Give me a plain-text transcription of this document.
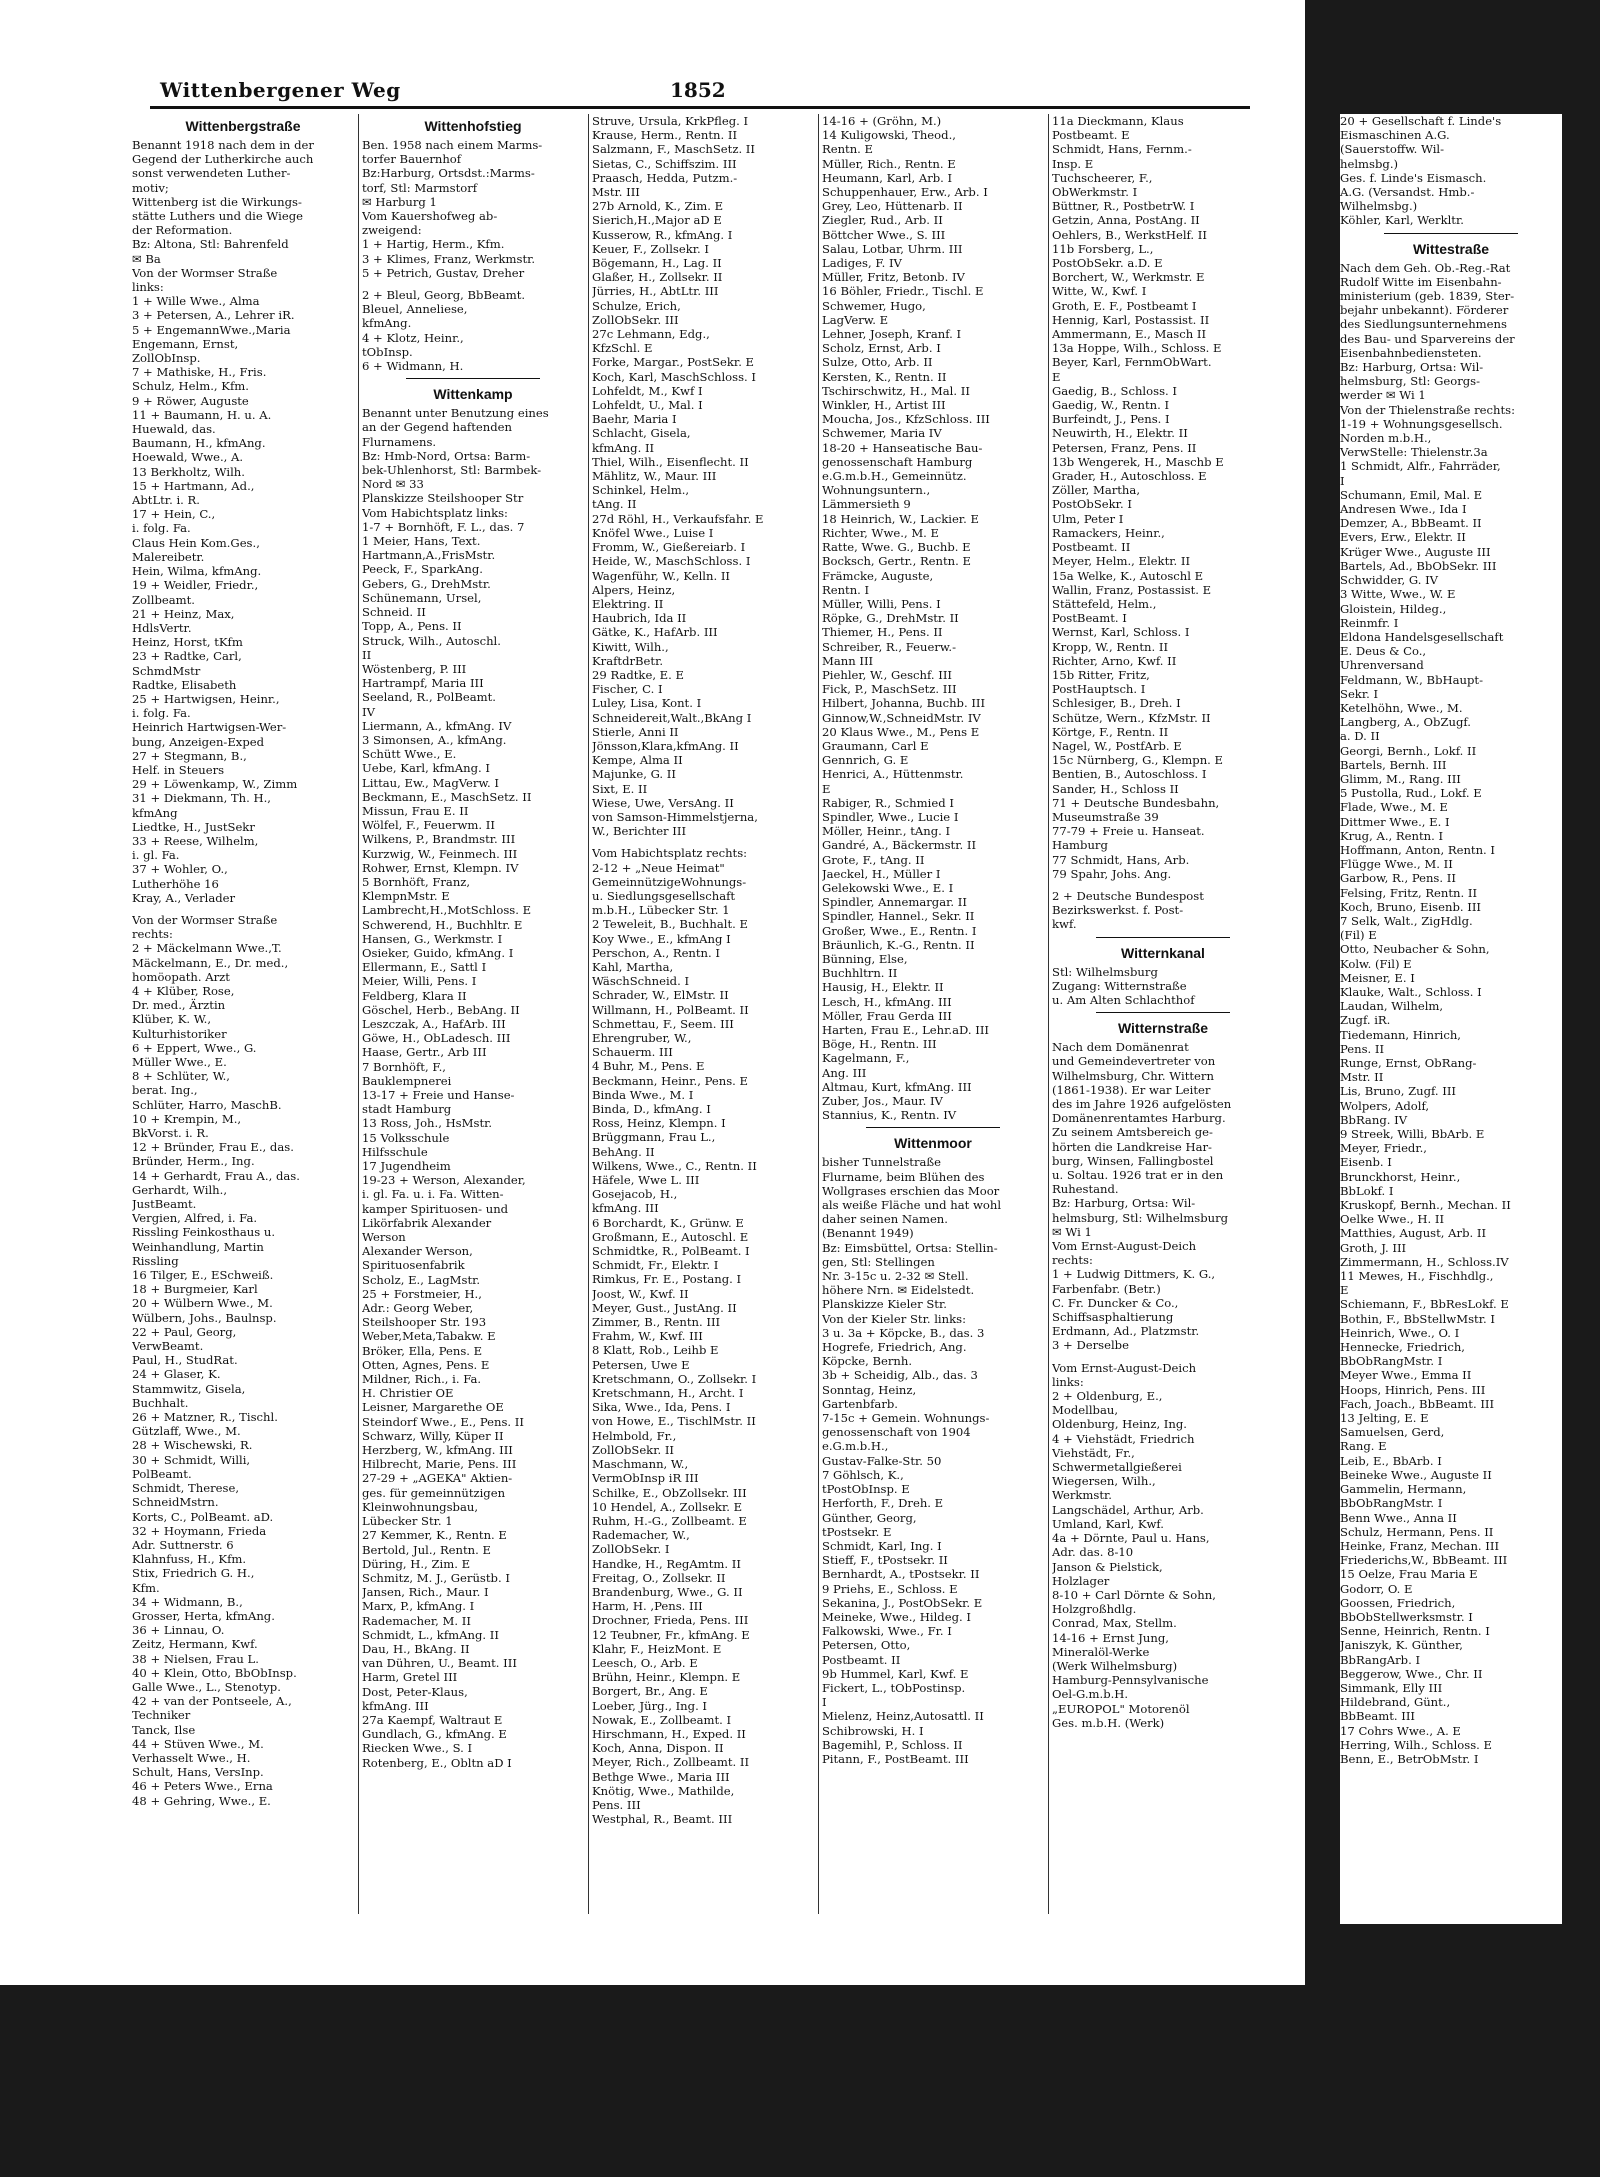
Wittenbergener Weg	1852
Wittenbergstraße
Benannt 1918 nach dem in der
Gegend der Lutherkirche auch
sonst verwendeten Luther-
motiv;
Wittenberg ist die Wirkungs-
stätte Luthers und die Wiege
der Reformation.
Bz: Altona, Stl: Bahrenfeld
✉ Ba
Von der Wormser Straße
links:
1 + Wille Wwe., Alma
3 + Petersen, A., Lehrer iR.
5 + EngemannWwe.,Maria
Engemann, Ernst,
ZollObInsp.
7 + Mathiske, H., Fris.
Schulz, Helm., Kfm.
9 + Röwer, Auguste
11 + Baumann, H. u. A.
Huewald, das.
Baumann, H., kfmAng.
Hoewald, Wwe., A.
13 Berkholtz, Wilh.
15 + Hartmann, Ad.,
AbtLtr. i. R.
17 + Hein, C.,
i. folg. Fa.
Claus Hein Kom.Ges.,
Malereibetr.
Hein, Wilma, kfmAng.
19 + Weidler, Friedr.,
Zollbeamt.
21 + Heinz, Max,
HdlsVertr.
Heinz, Horst, tKfm
23 + Radtke, Carl,
SchmdMstr
Radtke, Elisabeth
25 + Hartwigsen, Heinr.,
i. folg. Fa.
Heinrich Hartwigsen-Wer-
bung, Anzeigen-Exped
27 + Stegmann, B.,
Helf. in Steuers
29 + Löwenkamp, W., Zimm
31 + Diekmann, Th. H.,
kfmAng
Liedtke, H., JustSekr
33 + Reese, Wilhelm,
i. gl. Fa.
37 + Wohler, O.,
Lutherhöhe 16
Kray, A., Verlader
Von der Wormser Straße
rechts:
2 + Mäckelmann Wwe.,T.
Mäckelmann, E., Dr. med.,
homöopath. Arzt
4 + Klüber, Rose,
Dr. med., Ärztin
Klüber, K. W.,
Kulturhistoriker
6 + Eppert, Wwe., G.
Müller Wwe., E.
8 + Schlüter, W.,
berat. Ing.,
Schlüter, Harro, MaschB.
10 + Krempin, M.,
BkVorst. i. R.
12 + Bründer, Frau E., das.
Bründer, Herm., Ing.
14 + Gerhardt, Frau A., das.
Gerhardt, Wilh.,
JustBeamt.
Vergien, Alfred, i. Fa.
Rissling Feinkosthaus u.
Weinhandlung, Martin
Rissling
16 Tilger, E., ESchweiß.
18 + Burgmeier, Karl
20 + Wülbern Wwe., M.
Wülbern, Johs., Baulnsp.
22 + Paul, Georg,
VerwBeamt.
Paul, H., StudRat.
24 + Glaser, K.
Stammwitz, Gisela,
Buchhalt.
26 + Matzner, R., Tischl.
Gützlaff, Wwe., M.
28 + Wischewski, R.
30 + Schmidt, Willi,
PolBeamt.
Schmidt, Therese,
SchneidMstrn.
Korts, C., PolBeamt. aD.
32 + Hoymann, Frieda
Adr. Suttnerstr. 6
Klahnfuss, H., Kfm.
Stix, Friedrich G. H.,
Kfm.
34 + Widmann, B.,
Grosser, Herta, kfmAng.
36 + Linnau, O.
Zeitz, Hermann, Kwf.
38 + Nielsen, Frau L.
40 + Klein, Otto, BbObInsp.
Galle Wwe., L., Stenotyp.
42 + van der Pontseele, A.,
Techniker
Tanck, Ilse
44 + Stüven Wwe., M.
Verhasselt Wwe., H.
Schult, Hans, VersInp.
46 + Peters Wwe., Erna
48 + Gehring, Wwe., E.
Wittenhofstieg
Ben. 1958 nach einem Marms-
torfer Bauernhof
Bz:Harburg, Ortsdst.:Marms-
torf, Stl: Marmstorf
✉ Harburg 1
Vom Kauershofweg ab-
zweigend:
1 + Hartig, Herm., Kfm.
3 + Klimes, Franz, Werkmstr.
5 + Petrich, Gustav, Dreher
2 + Bleul, Georg, BbBeamt.
Bleuel, Anneliese,
kfmAng.
4 + Klotz, Heinr.,
tObInsp.
6 + Widmann, H.
Wittenkamp
Benannt unter Benutzung eines
an der Gegend haftenden
Flurnamens.
Bz: Hmb-Nord, Ortsa: Barm-
bek-Uhlenhorst, Stl: Barmbek-
Nord ✉ 33
Planskizze Steilshooper Str
Vom Habichtsplatz links:
1-7 + Bornhöft, F. L., das. 7
1 Meier, Hans, Text.
Hartmann,A.,FrisMstr.
Peeck, F., SparkAng.
Gebers, G., DrehMstr.
Schünemann, Ursel,
Schneid. II
Topp, A., Pens. II
Struck, Wilh., Autoschl.
II
Wöstenberg, P. III
Hartrampf, Maria III
Seeland, R., PolBeamt.
IV
Liermann, A., kfmAng. IV
3 Simonsen, A., kfmAng.
Schütt Wwe., E.
Uebe, Karl, kfmAng. I
Littau, Ew., MagVerw. I
Beckmann, E., MaschSetz. II
Missun, Frau E. II
Wölfel, F., Feuerwm. II
Wilkens, P., Brandmstr. III
Kurzwig, W., Feinmech. III
Rohwer, Ernst, Klempn. IV
5 Bornhöft, Franz,
KlempnMstr. E
Lambrecht,H.,MotSchloss. E
Schwerend, H., Buchhltr. E
Hansen, G., Werkmstr. I
Osieker, Guido, kfmAng. I
Ellermann, E., Sattl I
Meier, Willi, Pens. I
Feldberg, Klara II
Göschel, Herb., BebAng. II
Leszczak, A., HafArb. III
Göwe, H., ObLadesch. III
Haase, Gertr., Arb III
7 Bornhöft, F.,
Bauklempnerei
13-17 + Freie und Hanse-
stadt Hamburg
13 Ross, Joh., HsMstr.
15 Volksschule
Hilfsschule
17 Jugendheim
19-23 + Werson, Alexander,
i. gl. Fa. u. i. Fa. Witten-
kamper Spirituosen- und
Likörfabrik Alexander
Werson
Alexander Werson,
Spirituosenfabrik
Scholz, E., LagMstr.
25 + Forstmeier, H.,
Adr.: Georg Weber,
Steilshooper Str. 193
Weber,Meta,Tabakw. E
Bröker, Ella, Pens. E
Otten, Agnes, Pens. E
Mildner, Rich., i. Fa.
H. Christier OE
Leisner, Margarethe OE
Steindorf Wwe., E., Pens. II
Schwarz, Willy, Küper II
Herzberg, W., kfmAng. III
Hilbrecht, Marie, Pens. III
27-29 + „AGEKA" Aktien-
ges. für gemeinnützigen
Kleinwohnungsbau,
Lübecker Str. 1
27 Kemmer, K., Rentn. E
Bertold, Jul., Rentn. E
Düring, H., Zim. E
Schmitz, M. J., Gerüstb. I
Jansen, Rich., Maur. I
Marx, P., kfmAng. I
Rademacher, M. II
Schmidt, L., kfmAng. II
Dau, H., BkAng. II
van Dühren, U., Beamt. III
Harm, Gretel III
Dost, Peter-Klaus,
kfmAng. III
27a Kaempf, Waltraut E
Gundlach, G., kfmAng. E
Riecken Wwe., S. I
Rotenberg, E., Obltn aD I
Struve, Ursula, KrkPfleg. I
Krause, Herm., Rentn. II
Salzmann, F., MaschSetz. II
Sietas, C., Schiffszim. III
Praasch, Hedda, Putzm.-
Mstr. III
27b Arnold, K., Zim. E
Sierich,H.,Major aD E
Kusserow, R., kfmAng. I
Keuer, F., Zollsekr. I
Bögemann, H., Lag. II
Glaßer, H., Zollsekr. II
Jürries, H., AbtLtr. III
Schulze, Erich,
ZollObSekr. III
27c Lehmann, Edg.,
KfzSchl. E
Forke, Margar., PostSekr. E
Koch, Karl, MaschSchloss. I
Lohfeldt, M., Kwf I
Lohfeldt, U., Mal. I
Baehr, Maria I
Schlacht, Gisela,
kfmAng. II
Thiel, Wilh., Eisenflecht. II
Mählitz, W., Maur. III
Schinkel, Helm.,
tAng. II
27d Röhl, H., Verkaufsfahr. E
Knöfel Wwe., Luise I
Fromm, W., Gießereiarb. I
Heide, W., MaschSchloss. I
Wagenführ, W., Kelln. II
Alpers, Heinz,
Elektring. II
Haubrich, Ida II
Gätke, K., HafArb. III
Kiwitt, Wilh.,
KraftdrBetr.
29 Radtke, E. E
Fischer, C. I
Luley, Lisa, Kont. I
Schneidereit,Walt.,BkAng I
Stierle, Anni II
Jönsson,Klara,kfmAng. II
Kempe, Alma II
Majunke, G. II
Sixt, E. II
Wiese, Uwe, VersAng. II
von Samson-Himmelstjerna,
W., Berichter III
Vom Habichtsplatz rechts:
2-12 + „Neue Heimat"
GemeinnützigeWohnungs-
u. Siedlungsgesellschaft
m.b.H., Lübecker Str. 1
2 Teweleit, B., Buchhalt. E
Koy Wwe., E., kfmAng I
Perschon, A., Rentn. I
Kahl, Martha,
WäschSchneid. I
Schrader, W., ElMstr. II
Willmann, H., PolBeamt. II
Schmettau, F., Seem. III
Ehrengruber, W.,
Schauerm. III
4 Buhr, M., Pens. E
Beckmann, Heinr., Pens. E
Binda Wwe., M. I
Binda, D., kfmAng. I
Ross, Heinz, Klempn. I
Brüggmann, Frau L.,
BehAng. II
Wilkens, Wwe., C., Rentn. II
Häfele, Wwe L. III
Gosejacob, H.,
kfmAng. III
6 Borchardt, K., Grünw. E
Großmann, E., Autoschl. E
Schmidtke, R., PolBeamt. I
Schmidt, Fr., Elektr. I
Rimkus, Fr. E., Postang. I
Joost, W., Kwf. II
Meyer, Gust., JustAng. II
Zimmer, B., Rentn. III
Frahm, W., Kwf. III
8 Klatt, Rob., Leihb E
Petersen, Uwe E
Kretschmann, O., Zollsekr. I
Kretschmann, H., Archt. I
Sika, Wwe., Ida, Pens. I
von Howe, E., TischlMstr. II
Helmbold, Fr.,
ZollObSekr. II
Maschmann, W.,
VermObInsp iR III
Schilke, E., ObZollsekr. III
10 Hendel, A., Zollsekr. E
Ruhm, H.-G., Zollbeamt. E
Rademacher, W.,
ZollObSekr. I
Handke, H., RegAmtm. II
Freitag, O., Zollsekr. II
Brandenburg, Wwe., G. II
Harm, H. ,Pens. III
Drochner, Frieda, Pens. III
12 Teubner, Fr., kfmAng. E
Klahr, F., HeizMont. E
Leesch, O., Arb. E
Brühn, Heinr., Klempn. E
Borgert, Br., Ang. E
Loeber, Jürg., Ing. I
Nowak, E., Zollbeamt. I
Hirschmann, H., Exped. II
Koch, Anna, Dispon. II
Meyer, Rich., Zollbeamt. II
Bethge Wwe., Maria III
Knötig, Wwe., Mathilde,
Pens. III
Westphal, R., Beamt. III
14-16 + (Gröhn, M.)
14 Kuligowski, Theod.,
Rentn. E
Müller, Rich., Rentn. E
Heumann, Karl, Arb. I
Schuppenhauer, Erw., Arb. I
Grey, Leo, Hüttenarb. II
Ziegler, Rud., Arb. II
Böttcher Wwe., S. III
Salau, Lotbar, Uhrm. III
Ladiges, F. IV
Müller, Fritz, Betonb. IV
16 Böhler, Friedr., Tischl. E
Schwemer, Hugo,
LagVerw. E
Lehner, Joseph, Kranf. I
Scholz, Ernst, Arb. I
Sulze, Otto, Arb. II
Kersten, K., Rentn. II
Tschirschwitz, H., Mal. II
Winkler, H., Artist III
Moucha, Jos., KfzSchloss. III
Schwemer, Maria IV
18-20 + Hanseatische Bau-
genossenschaft Hamburg
e.G.m.b.H., Gemeinnütz.
Wohnungsuntern.,
Lämmersieth 9
18 Heinrich, W., Lackier. E
Richter, Wwe., M. E
Ratte, Wwe. G., Buchb. E
Bocksch, Gertr., Rentn. E
Främcke, Auguste,
Rentn. I
Müller, Willi, Pens. I
Röpke, G., DrehMstr. II
Thiemer, H., Pens. II
Schreiber, R., Feuerw.-
Mann III
Piehler, W., Geschf. III
Fick, P., MaschSetz. III
Hilbert, Johanna, Buchb. III
Ginnow,W.,SchneidMstr. IV
20 Klaus Wwe., M., Pens E
Graumann, Carl E
Gennrich, G. E
Henrici, A., Hüttenmstr.
E
Rabiger, R., Schmied I
Spindler, Wwe., Lucie I
Möller, Heinr., tAng. I
Gandré, A., Bäckermstr. II
Grote, F., tAng. II
Jaeckel, H., Müller I
Gelekowski Wwe., E. I
Spindler, Annemargar. II
Spindler, Hannel., Sekr. II
Großer, Wwe., E., Rentn. I
Bräunlich, K.-G., Rentn. II
Bünning, Else,
Buchhltrn. II
Hausig, H., Elektr. II
Lesch, H., kfmAng. III
Möller, Frau Gerda III
Harten, Frau E., Lehr.aD. III
Böge, H., Rentn. III
Kagelmann, F.,
Ang. III
Altmau, Kurt, kfmAng. III
Zuber, Jos., Maur. IV
Stannius, K., Rentn. IV
Wittenmoor
bisher Tunnelstraße
Flurname, beim Blühen des
Wollgrases erschien das Moor
als weiße Fläche und hat wohl
daher seinen Namen.
(Benannt 1949)
Bz: Eimsbüttel, Ortsa: Stellin-
gen, Stl: Stellingen
Nr. 3-15c u. 2-32 ✉ Stell.
höhere Nrn. ✉ Eidelstedt.
Planskizze Kieler Str.
Von der Kieler Str. links:
3 u. 3a + Köpcke, B., das. 3
Hogrefe, Friedrich, Ang.
Köpcke, Bernh.
3b + Scheidig, Alb., das. 3
Sonntag, Heinz,
Gartenbfarb.
7-15c + Gemein. Wohnungs-
genossenschaft von 1904
e.G.m.b.H.,
Gustav-Falke-Str. 50
7 Göhlsch, K.,
tPostObInsp. E
Herforth, F., Dreh. E
Günther, Georg,
tPostsekr. E
Schmidt, Karl, Ing. I
Stieff, F., tPostsekr. II
Bernhardt, A., tPostsekr. II
9 Priehs, E., Schloss. E
Sekanina, J., PostObSekr. E
Meineke, Wwe., Hildeg. I
Falkowski, Wwe., Fr. I
Petersen, Otto,
Postbeamt. II
9b Hummel, Karl, Kwf. E
Fickert, L., tObPostinsp.
I
Mielenz, Heinz,Autosattl. II
Schibrowski, H. I
Bagemihl, P., Schloss. II
Pitann, F., PostBeamt. III
11a Dieckmann, Klaus
Postbeamt. E
Schmidt, Hans, Fernm.-
Insp. E
Tuchscheerer, F.,
ObWerkmstr. I
Büttner, R., PostbetrW. I
Getzin, Anna, PostAng. II
Oehlers, B., WerkstHelf. II
11b Forsberg, L.,
PostObSekr. a.D. E
Borchert, W., Werkmstr. E
Witte, W., Kwf. I
Groth, E. F., Postbeamt I
Hennig, Karl, Postassist. II
Ammermann, E., Masch II
13a Hoppe, Wilh., Schloss. E
Beyer, Karl, FernmObWart.
E
Gaedig, B., Schloss. I
Gaedig, W., Rentn. I
Burfeindt, J., Pens. I
Neuwirth, H., Elektr. II
Petersen, Franz, Pens. II
13b Wengerek, H., Maschb E
Grader, H., Autoschloss. E
Zöller, Martha,
PostObSekr. I
Ulm, Peter I
Ramackers, Heinr.,
Postbeamt. II
Meyer, Helm., Elektr. II
15a Welke, K., Autoschl E
Wallin, Franz, Postassist. E
Stättefeld, Helm.,
PostBeamt. I
Wernst, Karl, Schloss. I
Kropp, W., Rentn. II
Richter, Arno, Kwf. II
15b Ritter, Fritz,
PostHauptsch. I
Schlesiger, B., Dreh. I
Schütze, Wern., KfzMstr. II
Körtge, F., Rentn. II
Nagel, W., PostfArb. E
15c Nürnberg, G., Klempn. E
Bentien, B., Autoschloss. I
Sander, H., Schloss II
71 + Deutsche Bundesbahn,
Museumstraße 39
77-79 + Freie u. Hanseat.
Hamburg
77 Schmidt, Hans, Arb.
79 Spahr, Johs. Ang.
2 + Deutsche Bundespost
Bezirkswerkst. f. Post-
kwf.
Witternkanal
Stl: Wilhelmsburg
Zugang: Witternstraße
u. Am Alten Schlachthof
Witternstraße
Nach dem Domänenrat
und Gemeindevertreter von
Wilhelmsburg, Chr. Wittern
(1861-1938). Er war Leiter
des im Jahre 1926 aufgelösten
Domänenrentamtes Harburg.
Zu seinem Amtsbereich ge-
hörten die Landkreise Har-
burg, Winsen, Fallingbostel
u. Soltau. 1926 trat er in den
Ruhestand.
Bz: Harburg, Ortsa: Wil-
helmsburg, Stl: Wilhelmsburg
✉ Wi 1
Vom Ernst-August-Deich
rechts:
1 + Ludwig Dittmers, K. G.,
Farbenfabr. (Betr.)
C. Fr. Duncker & Co.,
Schiffsasphaltierung
Erdmann, Ad., Platzmstr.
3 + Derselbe
Vom Ernst-August-Deich
links:
2 + Oldenburg, E.,
Modellbau,
Oldenburg, Heinz, Ing.
4 + Viehstädt, Friedrich
Viehstädt, Fr.,
Schwermetallgießerei
Wiegersen, Wilh.,
Werkmstr.
Langschädel, Arthur, Arb.
Umland, Karl, Kwf.
4a + Dörnte, Paul u. Hans,
Adr. das. 8-10
Janson & Pielstick,
Holzlager
8-10 + Carl Dörnte & Sohn,
Holzgroßhdlg.
Conrad, Max, Stellm.
14-16 + Ernst Jung,
Mineralöl-Werke
(Werk Wilhelmsburg)
Hamburg-Pennsylvanische
Oel-G.m.b.H.
„EUROPOL" Motorenöl
Ges. m.b.H. (Werk)
20 + Gesellschaft f. Linde's
Eismaschinen A.G.
(Sauerstoffw. Wil-
helmsbg.)
Ges. f. Linde's Eismasch.
A.G. (Versandst. Hmb.-
Wilhelmsbg.)
Köhler, Karl, Werkltr.
Wittestraße
Nach dem Geh. Ob.-Reg.-Rat
Rudolf Witte im Eisenbahn-
ministerium (geb. 1839, Ster-
bejahr unbekannt). Förderer
des Siedlungsunternehmens
des Bau- und Sparvereins der
Eisenbahnbediensteten.
Bz: Harburg, Ortsa: Wil-
helmsburg, Stl: Georgs-
werder ✉ Wi 1
Von der Thielenstraße rechts:
1-19 + Wohnungsgesellsch.
Norden m.b.H.,
VerwStelle: Thielenstr.3a
1 Schmidt, Alfr., Fahrräder,
I
Schumann, Emil, Mal. E
Andresen Wwe., Ida I
Demzer, A., BbBeamt. II
Evers, Erw., Elektr. II
Krüger Wwe., Auguste III
Bartels, Ad., BbObSekr. III
Schwidder, G. IV
3 Witte, Wwe., W. E
Gloistein, Hildeg.,
Reinmfr. I
Eldona Handelsgesellschaft
E. Deus & Co.,
Uhrenversand
Feldmann, W., BbHaupt-
Sekr. I
Ketelhöhn, Wwe., M.
Langberg, A., ObZugf.
a. D. II
Georgi, Bernh., Lokf. II
Bartels, Bernh. III
Glimm, M., Rang. III
5 Pustolla, Rud., Lokf. E
Flade, Wwe., M. E
Dittmer Wwe., E. I
Krug, A., Rentn. I
Hoffmann, Anton, Rentn. I
Flügge Wwe., M. II
Garbow, R., Pens. II
Felsing, Fritz, Rentn. II
Koch, Bruno, Eisenb. III
7 Selk, Walt., ZigHdlg.
(Fil) E
Otto, Neubacher & Sohn,
Kolw. (Fil) E
Meisner, E. I
Klauke, Walt., Schloss. I
Laudan, Wilhelm,
Zugf. iR.
Tiedemann, Hinrich,
Pens. II
Runge, Ernst, ObRang-
Mstr. II
Lis, Bruno, Zugf. III
Wolpers, Adolf,
BbRang. IV
9 Streek, Willi, BbArb. E
Meyer, Friedr.,
Eisenb. I
Brunckhorst, Heinr.,
BbLokf. I
Kruskopf, Bernh., Mechan. II
Oelke Wwe., H. II
Matthies, August, Arb. II
Groth, J. III
Zimmermann, H., Schloss.IV
11 Mewes, H., Fischhdlg.,
E
Schiemann, F., BbResLokf. E
Bothin, F., BbStellwMstr. I
Heinrich, Wwe., O. I
Hennecke, Friedrich,
BbObRangMstr. I
Meyer Wwe., Emma II
Hoops, Hinrich, Pens. III
Fach, Joach., BbBeamt. III
13 Jelting, E. E
Samuelsen, Gerd,
Rang. E
Leib, E., BbArb. I
Beineke Wwe., Auguste II
Gammelin, Hermann,
BbObRangMstr. I
Benn Wwe., Anna II
Schulz, Hermann, Pens. II
Heinke, Franz, Mechan. III
Friederichs,W., BbBeamt. III
15 Oelze, Frau Maria E
Godorr, O. E
Goossen, Friedrich,
BbObStellwerksmstr. I
Senne, Heinrich, Rentn. I
Janiszyk, K. Günther,
BbRangArb. I
Beggerow, Wwe., Chr. II
Simmank, Elly III
Hildebrand, Günt.,
BbBeamt. III
17 Cohrs Wwe., A. E
Herring, Wilh., Schloss. E
Benn, E., BetrObMstr. I
